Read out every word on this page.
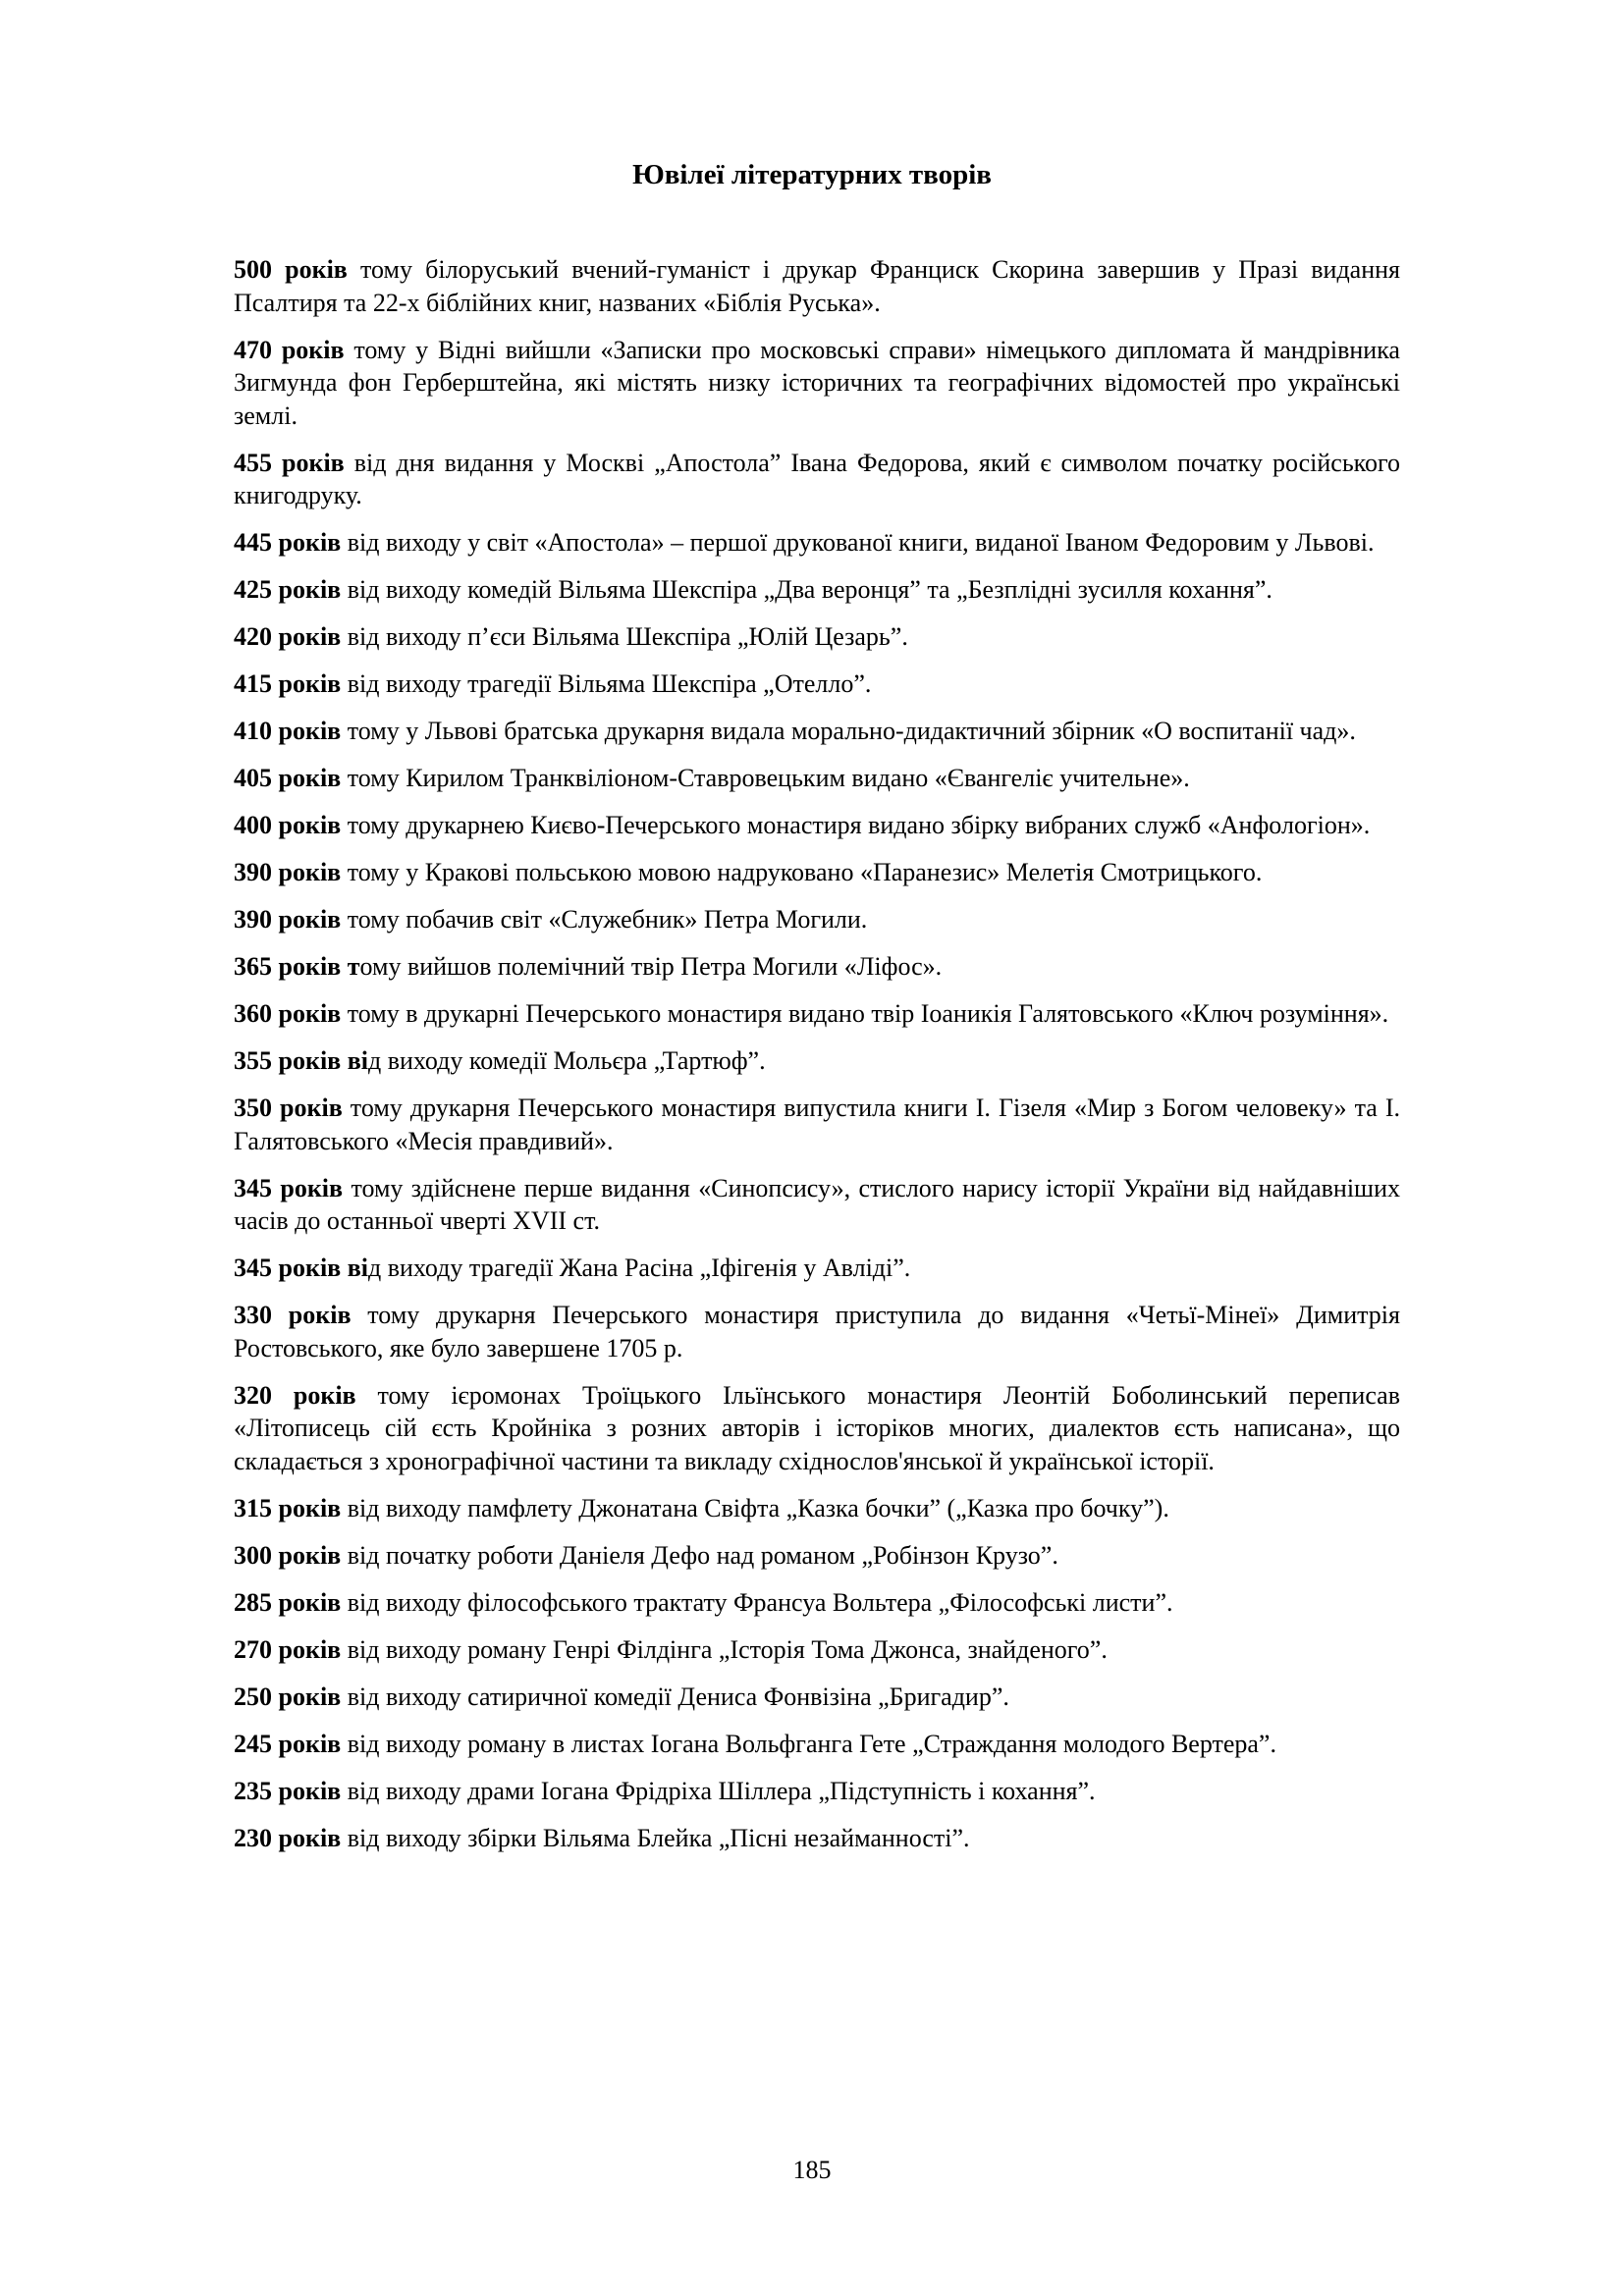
Ювілеї літературних творів
500 років тому білоруський вчений-гуманіст і друкар Франциск Скорина завершив у Празі видання Псалтиря та 22-х біблійних книг, названих «Біблія Руська».
470 років тому у Відні вийшли «Записки про московські справи» німецького дипломата й мандрівника Зигмунда фон Герберштейна, які містять низку історичних та географічних відомостей про українські землі.
455 років від дня видання у Москві „Апостола” Івана Федорова, який є символом початку російського книгодруку.
445 років від виходу у світ «Апостола» – першої друкованої книги, виданої Іваном Федоровим у Львові.
425 років від виходу комедій Вільяма Шекспіра „Два веронця” та „Безплідні зусилля кохання”.
420 років від виходу п’єси Вільяма Шекспіра „Юлій Цезарь”.
415 років від виходу трагедії Вільяма Шекспіра „Отелло”.
410 років тому у Львові братська друкарня видала морально-дидактичний збірник «О воспитанії чад».
405 років тому Кирилом Транквіліоном-Ставровецьким видано «Євангеліє учительне».
400 років тому друкарнею Києво-Печерського монастиря видано збірку вибраних служб «Анфологіон».
390 років тому у Кракові польською мовою надруковано «Паранезис» Мелетія Смотрицького.
390 років тому побачив світ «Служебник» Петра Могили.
365 років тому вийшов полемічний твір Петра Могили «Ліфос».
360 років тому в друкарні Печерського монастиря видано твір Іоаникія Галятовського «Ключ розуміння».
355 років від виходу комедії Мольєра „Тартюф”.
350 років тому друкарня Печерського монастиря випустила книги І. Гізеля «Мир з Богом человеку» та І. Галятовського «Месія правдивий».
345 років тому здійснене перше видання «Синопсису», стислого нарису історії України від найдавніших часів до останньої чверті XVII ст.
345 років від виходу трагедії Жана Расіна „Іфігенія у Авліді”.
330 років тому друкарня Печерського монастиря приступила до видання «Четьї-Мінеї» Димитрія Ростовського, яке було завершене 1705 р.
320 років тому ієромонах Троїцького Ільїнського монастиря Леонтій Боболинський переписав «Літописець сій єсть Кройніка з розних авторів і історіков многих, диалектов єсть написана», що складається з хронографічної частини та викладу східнослов'янської й української історії.
315 років від виходу памфлету Джонатана Свіфта „Казка бочки” („Казка про бочку”).
300 років від початку роботи Даніеля Дефо над романом „Робінзон Крузо”.
285 років від виходу філософського трактату Франсуа Вольтера „Філософські листи”.
270 років від виходу роману Генрі Філдінга „Історія Тома Джонса, знайденого”.
250 років від виходу сатиричної комедії Дениса Фонвізіна „Бригадир”.
245 років від виходу роману в листах Іогана Вольфганга Гете „Страждання молодого Вертера”.
235 років від виходу драми Іогана Фрідріха Шіллера „Підступність і кохання”.
230 років від виходу збірки Вільяма Блейка „Пісні незайманності”.
185
